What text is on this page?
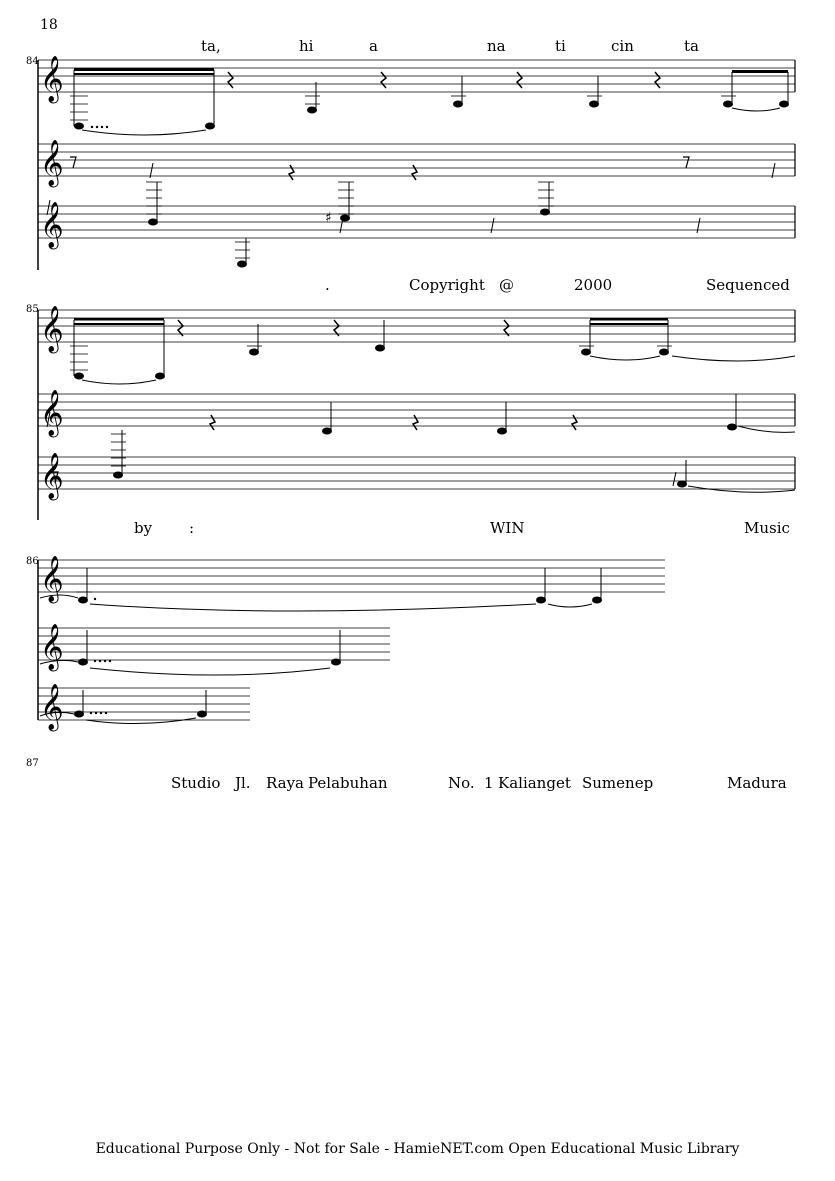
♯
𝄞
𝄞
𝄞
𝄞
𝄞
𝄞
𝄞
𝄞
𝄞
18
84
85
86
87
ta,	hi	a	na	ti	cin	ta
.	Copyright @	2000	Sequenced
by :	WIN	Music
Studio Jl. Raya Pelabuhan	No. 1 Kalianget Sumenep	Madura
Educational Purpose Only - Not for Sale - HamieNET.com Open Educational Music Library
